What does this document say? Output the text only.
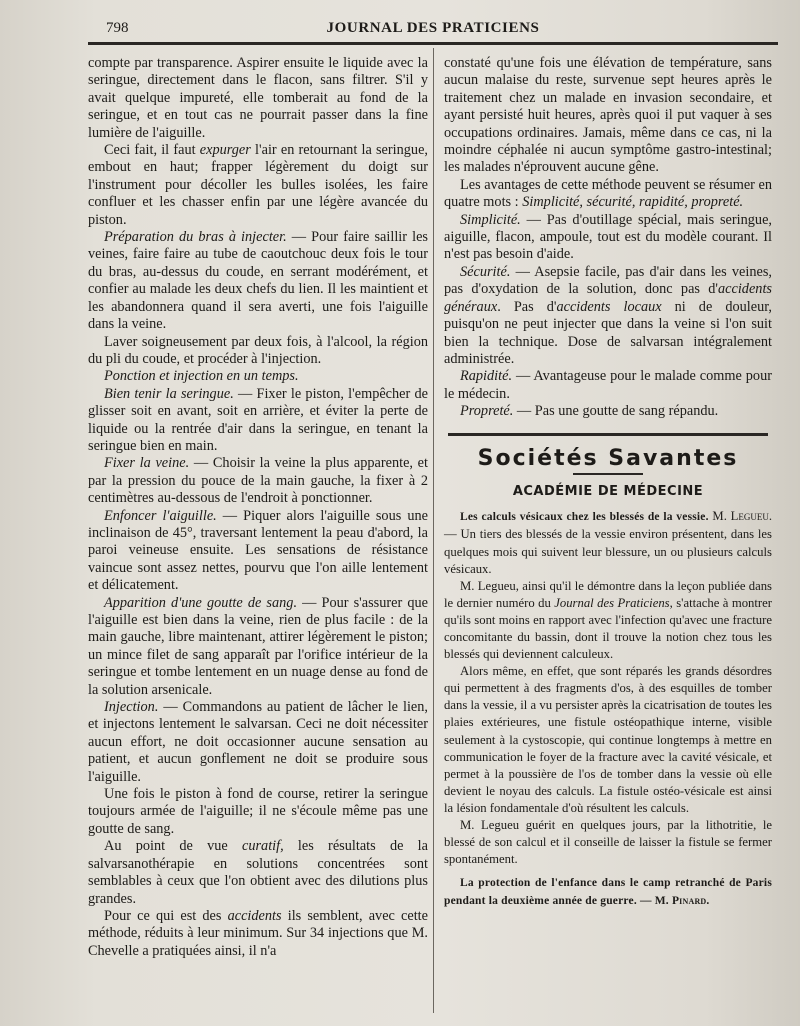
798	JOURNAL DES PRATICIENS

compte par transparence. Aspirer ensuite le liquide avec la seringue, directement dans le flacon, sans filtrer. S'il y avait quelque impureté, elle tomberait au fond de la seringue, et en tout cas ne pourrait passer dans la fine lumière de l'aiguille.

Ceci fait, il faut expurger l'air en retournant la seringue, embout en haut; frapper légèrement du doigt sur l'instrument pour décoller les bulles isolées, les faire confluer et les chasser enfin par une légère avancée du piston.

Préparation du bras à injecter. — Pour faire saillir les veines, faire faire au tube de caoutchouc deux fois le tour du bras, au-dessus du coude, en serrant modérément, et confier au malade les deux chefs du lien. Il les maintient et les abandonnera quand il sera averti, une fois l'aiguille dans la veine.

Laver soigneusement par deux fois, à l'alcool, la région du pli du coude, et procéder à l'injection.

Ponction et injection en un temps.

Bien tenir la seringue. — Fixer le piston, l'empêcher de glisser soit en avant, soit en arrière, et éviter la perte de liquide ou la rentrée d'air dans la seringue, en tenant la seringue bien en main.

Fixer la veine. — Choisir la veine la plus apparente, et par la pression du pouce de la main gauche, la fixer à 2 centimètres au-dessous de l'endroit à ponctionner.

Enfoncer l'aiguille. — Piquer alors l'aiguille sous une inclinaison de 45°, traversant lentement la peau d'abord, la paroi veineuse ensuite. Les sensations de résistance vaincue sont assez nettes, pourvu que l'on aille lentement et délicatement.

Apparition d'une goutte de sang. — Pour s'assurer que l'aiguille est bien dans la veine, rien de plus facile : de la main gauche, libre maintenant, attirer légèrement le piston; un mince filet de sang apparaît par l'orifice intérieur de la seringue et tombe lentement en un nuage dense au fond de la solution arsenicale.

Injection. — Commandons au patient de lâcher le lien, et injectons lentement le salvarsan. Ceci ne doit nécessiter aucun effort, ne doit occasionner aucune sensation au patient, et aucun gonflement ne doit se produire sous l'aiguille.

Une fois le piston à fond de course, retirer la seringue toujours armée de l'aiguille; il ne s'écoule même pas une goutte de sang.

Au point de vue curatif, les résultats de la salvarsanothérapie en solutions concentrées sont semblables à ceux que l'on obtient avec des dilutions plus grandes.

Pour ce qui est des accidents ils semblent, avec cette méthode, réduits à leur minimum. Sur 34 injections que M. Chevelle a pratiquées ainsi, il n'a

constaté qu'une fois une élévation de température, sans aucun malaise du reste, survenue sept heures après le traitement chez un malade en invasion secondaire, et ayant persisté huit heures, après quoi il put vaquer à ses occupations ordinaires. Jamais, même dans ce cas, ni la moindre céphalée ni aucun symptôme gastro-intestinal; les malades n'éprouvent aucune gêne.

Les avantages de cette méthode peuvent se résumer en quatre mots : Simplicité, sécurité, rapidité, propreté.

Simplicité. — Pas d'outillage spécial, mais seringue, aiguille, flacon, ampoule, tout est du modèle courant. Il n'est pas besoin d'aide.

Sécurité. — Asepsie facile, pas d'air dans les veines, pas d'oxydation de la solution, donc pas d'accidents généraux. Pas d'accidents locaux ni de douleur, puisqu'on ne peut injecter que dans la veine si l'on suit bien la technique. Dose de salvarsan intégralement administrée.

Rapidité. — Avantageuse pour le malade comme pour le médecin.

Propreté. — Pas une goutte de sang répandu.

Sociétés Savantes
ACADÉMIE DE MÉDECINE

Les calculs vésicaux chez les blessés de la vessie. M. Legueu. — Un tiers des blessés de la vessie environ présentent, dans les quelques mois qui suivent leur blessure, un ou plusieurs calculs vésicaux.

M. Legueu, ainsi qu'il le démontre dans la leçon publiée dans le dernier numéro du Journal des Praticiens, s'attache à montrer qu'ils sont moins en rapport avec l'infection qu'avec une fracture concomitante du bassin, dont il trouve la notion chez tous les blessés qui deviennent calculeux.

Alors même, en effet, que sont réparés les grands désordres qui permettent à des fragments d'os, à des esquilles de tomber dans la vessie, il a vu persister après la cicatrisation de toutes les plaies extérieures, une fistule ostéopathique interne, visible seulement à la cystoscopie, qui continue longtemps à mettre en communication le foyer de la fracture avec la cavité vésicale, et permet à la poussière de l'os de tomber dans la vessie où elle devient le noyau des calculs. La fistule ostéo-vésicale est ainsi la lésion fondamentale d'où résultent les calculs.

M. Legueu guérit en quelques jours, par la lithotritie, le blessé de son calcul et il conseille de laisser la fistule se fermer spontanément.

La protection de l'enfance dans le camp retranché de Paris pendant la deuxième année de guerre. — M. Pinard.
